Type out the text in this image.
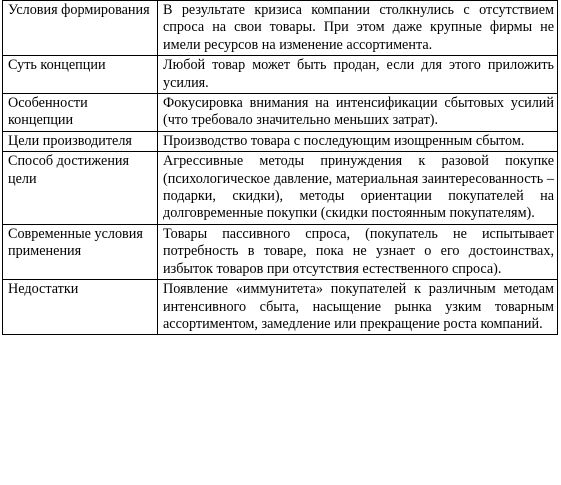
Условия формирования	В результате кризиса компании столкнулись с отсутствием спроса на свои товары. При этом даже крупные фирмы не имели ресурсов на изменение ассортимента.

Суть концепции	Любой товар может быть продан, если для этого приложить усилия.

Особенности концепции	Фокусировка внимания на интенсификации сбытовых усилий (что требовало значительно меньших затрат).

Цели производителя	Производство товара с последующим изощренным сбытом.

Способ достижения цели	Агрессивные методы принуждения к разовой покупке (психологическое давление, материальная заинтересованность – подарки, скидки), методы ориентации покупателей на долговременные покупки (скидки постоянным покупателям).

Современные условия применения	Товары пассивного спроса, (покупатель не испытывает потребность в товаре, пока не узнает о его достоинствах, избыток товаров при отсутствия естественного спроса).

Недостатки	Появление «иммунитета» покупателей к различным методам интенсивного сбыта, насыщение рынка узким товарным ассортиментом, замедление или прекращение роста компаний.
